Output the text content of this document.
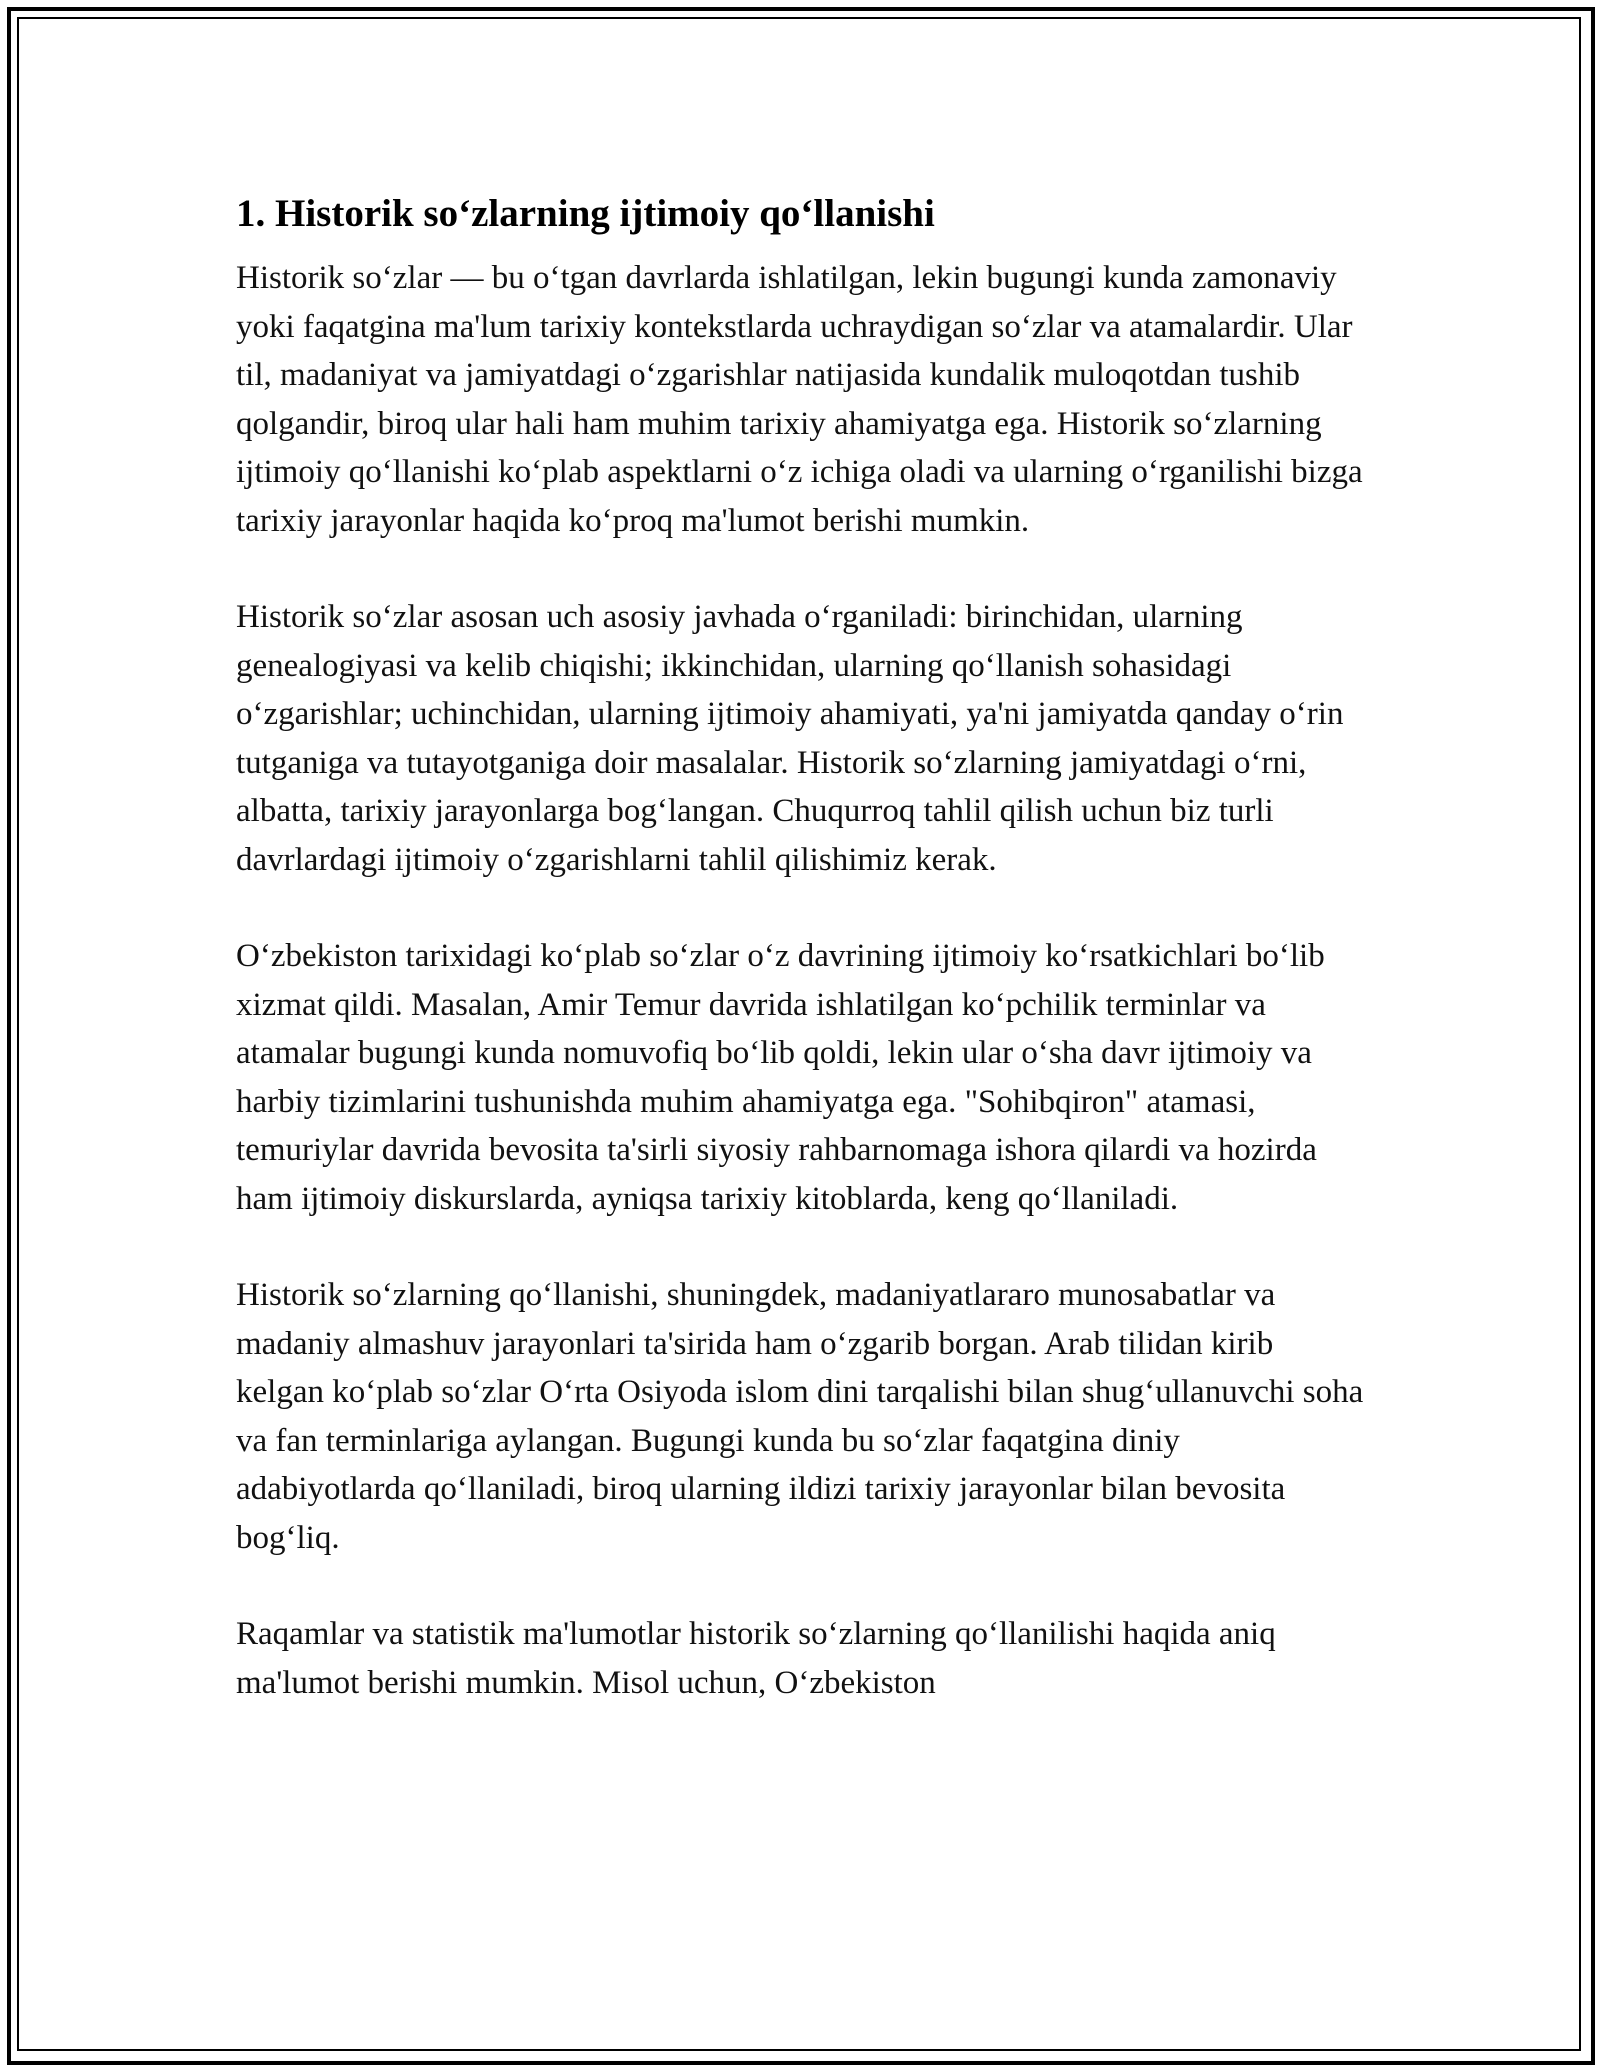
1. Historik so‘zlarning ijtimoiy qo‘llanishi

Historik so‘zlar — bu o‘tgan davrlarda ishlatilgan, lekin bugungi kunda zamonaviy yoki faqatgina ma'lum tarixiy kontekstlarda uchraydigan so‘zlar va atamalardir. Ular til, madaniyat va jamiyatdagi o‘zgarishlar natijasida kundalik muloqotdan tushib qolgandir, biroq ular hali ham muhim tarixiy ahamiyatga ega. Historik so‘zlarning ijtimoiy qo‘llanishi ko‘plab aspektlarni o‘z ichiga oladi va ularning o‘rganilishi bizga tarixiy jarayonlar haqida ko‘proq ma'lumot berishi mumkin.

Historik so‘zlar asosan uch asosiy javhada o‘rganiladi: birinchidan, ularning genealogiyasi va kelib chiqishi; ikkinchidan, ularning qo‘llanish sohasidagi o‘zgarishlar; uchinchidan, ularning ijtimoiy ahamiyati, ya'ni jamiyatda qanday o‘rin tutganiga va tutayotganiga doir masalalar. Historik so‘zlarning jamiyatdagi o‘rni, albatta, tarixiy jarayonlarga bog‘langan. Chuqurroq tahlil qilish uchun biz turli davrlardagi ijtimoiy o‘zgarishlarni tahlil qilishimiz kerak.

O‘zbekiston tarixidagi ko‘plab so‘zlar o‘z davrining ijtimoiy ko‘rsatkichlari bo‘lib xizmat qildi. Masalan, Amir Temur davrida ishlatilgan ko‘pchilik terminlar va atamalar bugungi kunda nomuvofiq bo‘lib qoldi, lekin ular o‘sha davr ijtimoiy va harbiy tizimlarini tushunishda muhim ahamiyatga ega. "Sohibqiron" atamasi, temuriylar davrida bevosita ta'sirli siyosiy rahbarnomaga ishora qilardi va hozirda ham ijtimoiy diskurslarda, ayniqsa tarixiy kitoblarda, keng qo‘llaniladi.

Historik so‘zlarning qo‘llanishi, shuningdek, madaniyatlararo munosabatlar va madaniy almashuv jarayonlari ta'sirida ham o‘zgarib borgan. Arab tilidan kirib kelgan ko‘plab so‘zlar O‘rta Osiyoda islom dini tarqalishi bilan shug‘ullanuvchi soha va fan terminlariga aylangan. Bugungi kunda bu so‘zlar faqatgina diniy adabiyotlarda qo‘llaniladi, biroq ularning ildizi tarixiy jarayonlar bilan bevosita bog‘liq.

Raqamlar va statistik ma'lumotlar historik so‘zlarning qo‘llanilishi haqida aniq ma'lumot berishi mumkin. Misol uchun, O‘zbekiston
